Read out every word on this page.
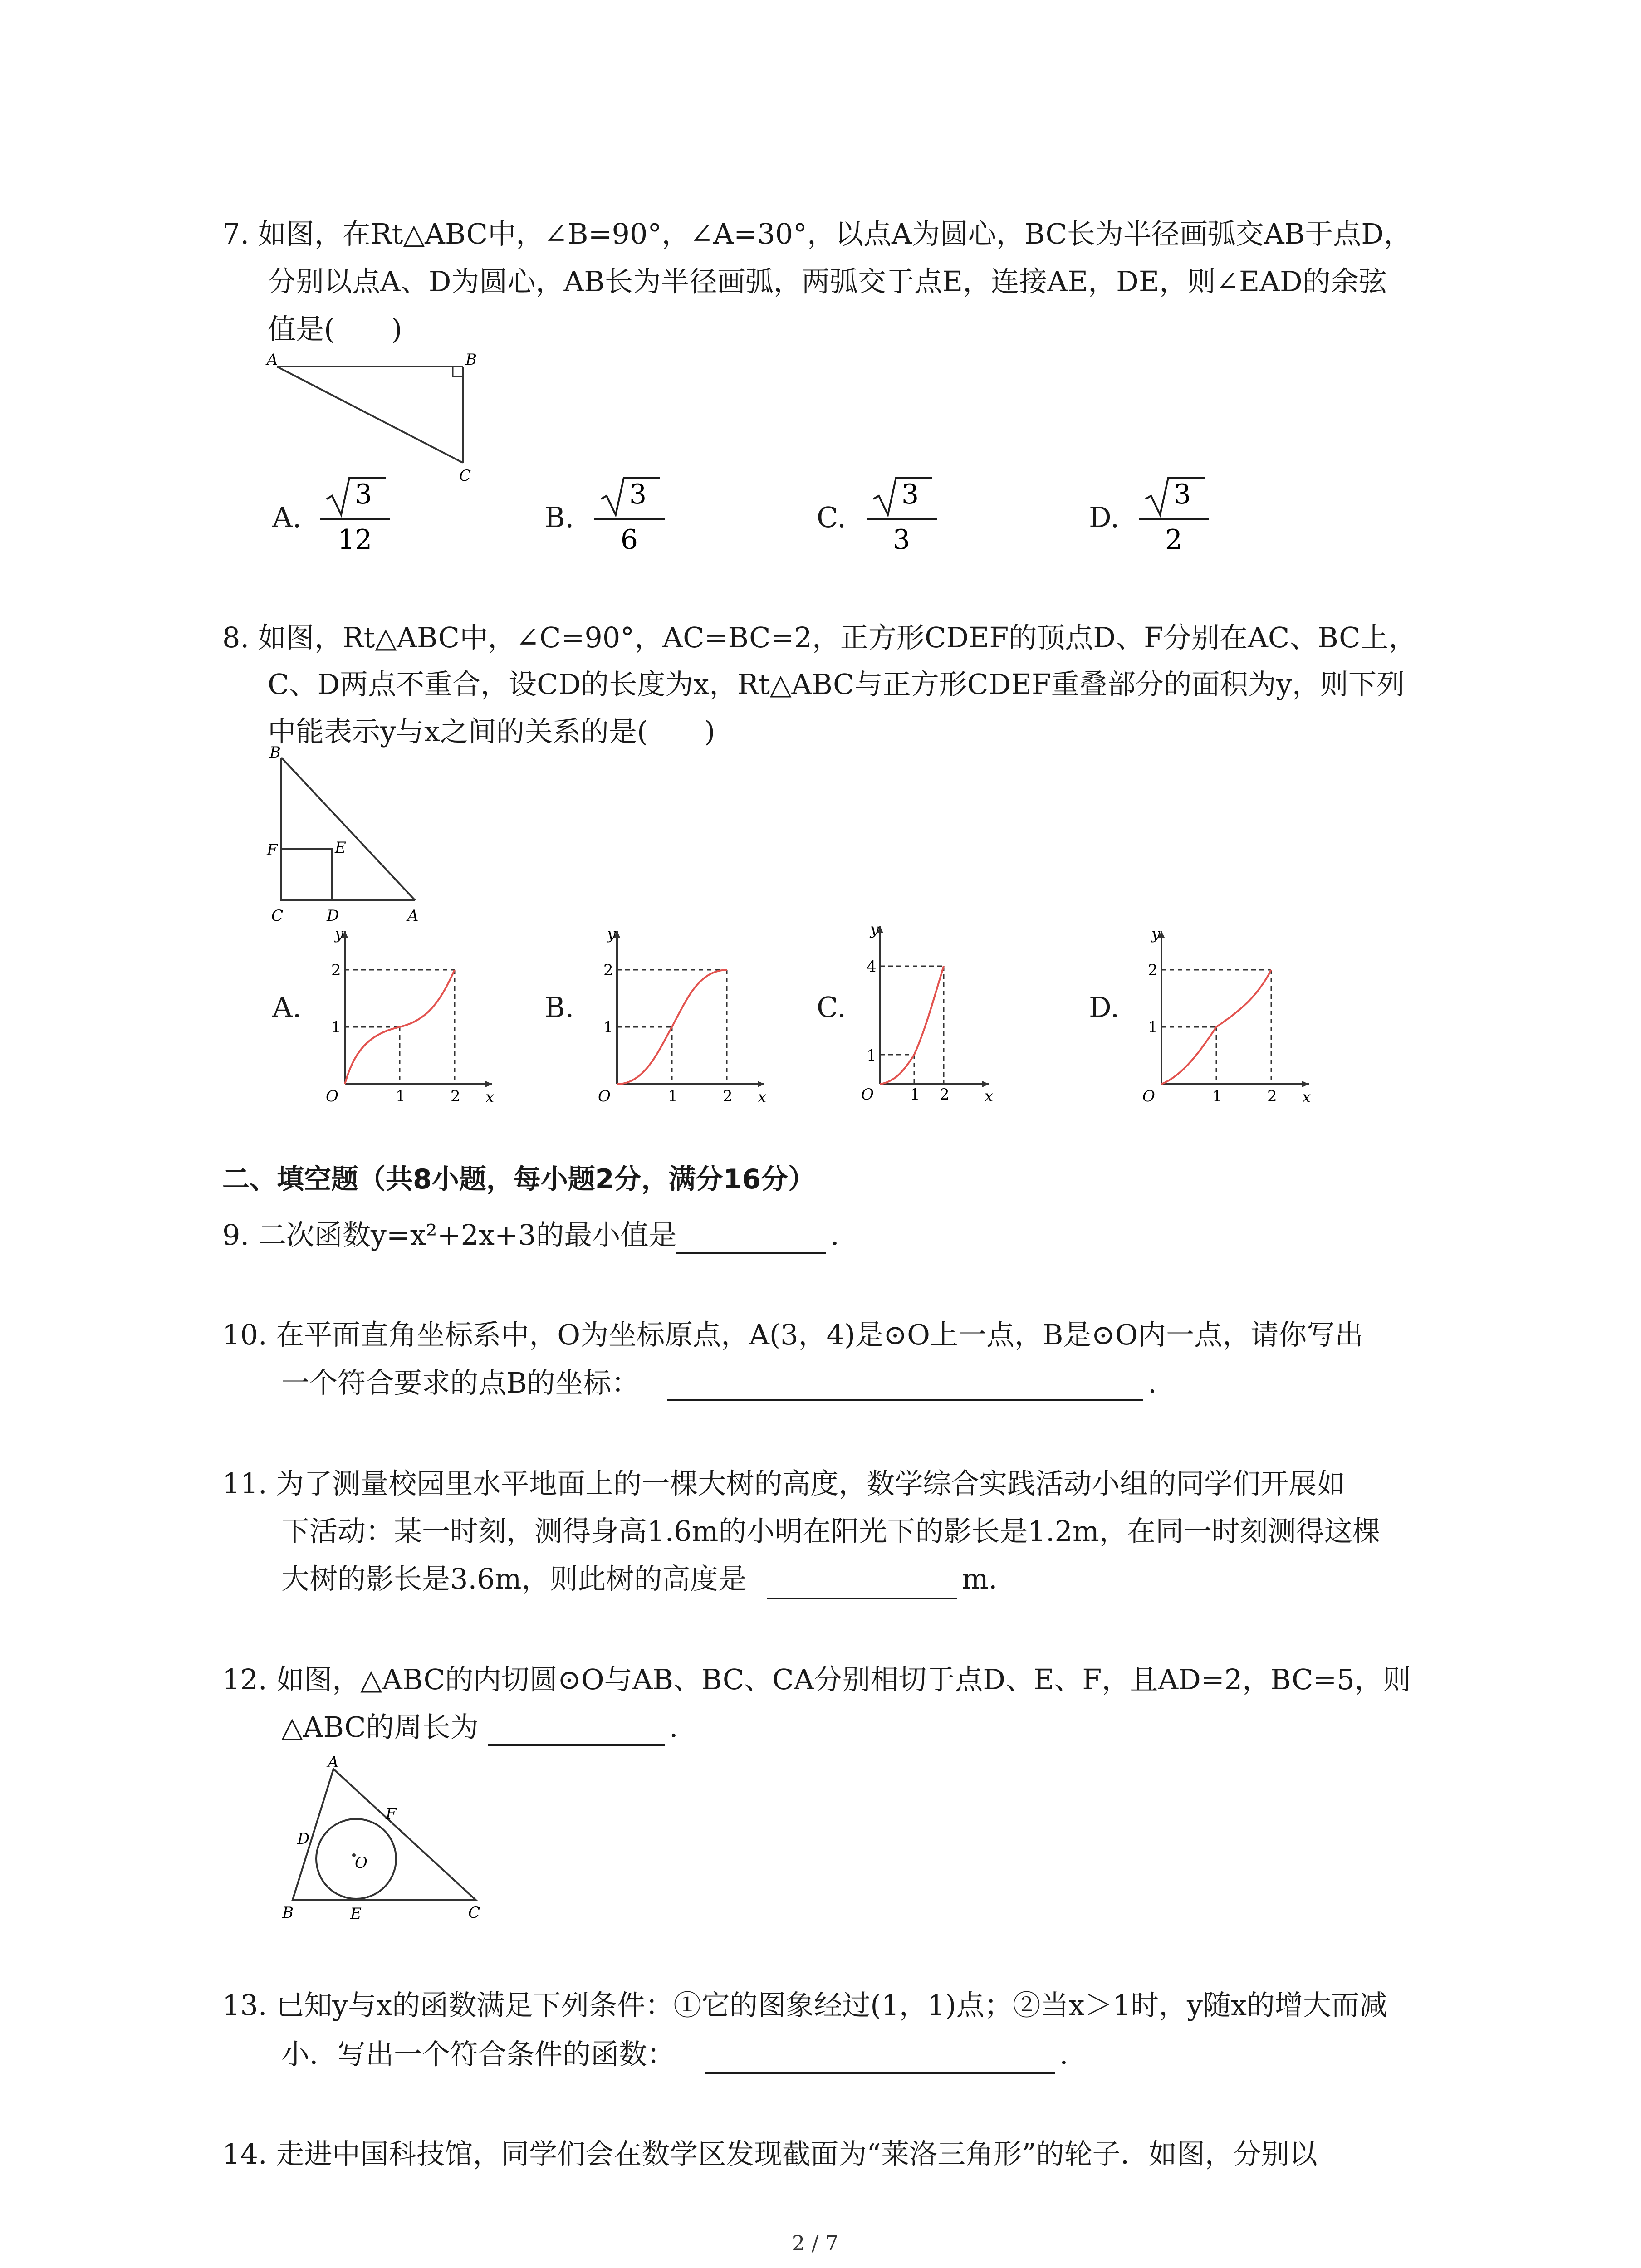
7. 如图，在Rt△ABC中，∠B=90°，∠A=30°，以点A为圆心，BC长为半径画弧交AB于点D，
分别以点A、D为圆心，AB长为半径画弧，两弧交于点E，连接AE，DE，则∠EAD的余弦
值是(　　)
A	B
C
A.
3
12
B.
3
6
C.
3
3
D.
3
2
8. 如图，Rt△ABC中，∠C=90°，AC=BC=2，正方形CDEF的顶点D、F分别在AC、BC上，
C、D两点不重合，设CD的长度为x，Rt△ABC与正方形CDEF重叠部分的面积为y，则下列
中能表示y与x之间的关系的是(　　)
B
F	E
C	D	A
A.
y
x
O
1
2
1	2
B.
y
x
O
1
2
1	2
C.
y
x
O
1
4
1 2
D.
y
x
O
1
2
1	2
二、填空题（共8小题，每小题2分，满分16分）
9. 二次函数y=x²+2x+3的最小值是	.
10. 在平面直角坐标系中，O为坐标原点，A(3，4)是⊙O上一点，B是⊙O内一点，请你写出
一个符合要求的点B的坐标：	.
11. 为了测量校园里水平地面上的一棵大树的高度，数学综合实践活动小组的同学们开展如
下活动：某一时刻，测得身高1.6m的小明在阳光下的影长是1.2m，在同一时刻测得这棵
大树的影长是3.6m，则此树的高度是	m.
12. 如图，△ABC的内切圆⊙O与AB、BC、CA分别相切于点D、E、F，且AD=2，BC=5，则
△ABC的周长为	.
A
D
F
O
B	E	C
13. 已知y与x的函数满足下列条件：①它的图象经过(1，1)点；②当x＞1时，y随x的增大而减
小．写出一个符合条件的函数：	.
14. 走进中国科技馆，同学们会在数学区发现截面为“莱洛三角形”的轮子．如图，分别以
2 / 7
